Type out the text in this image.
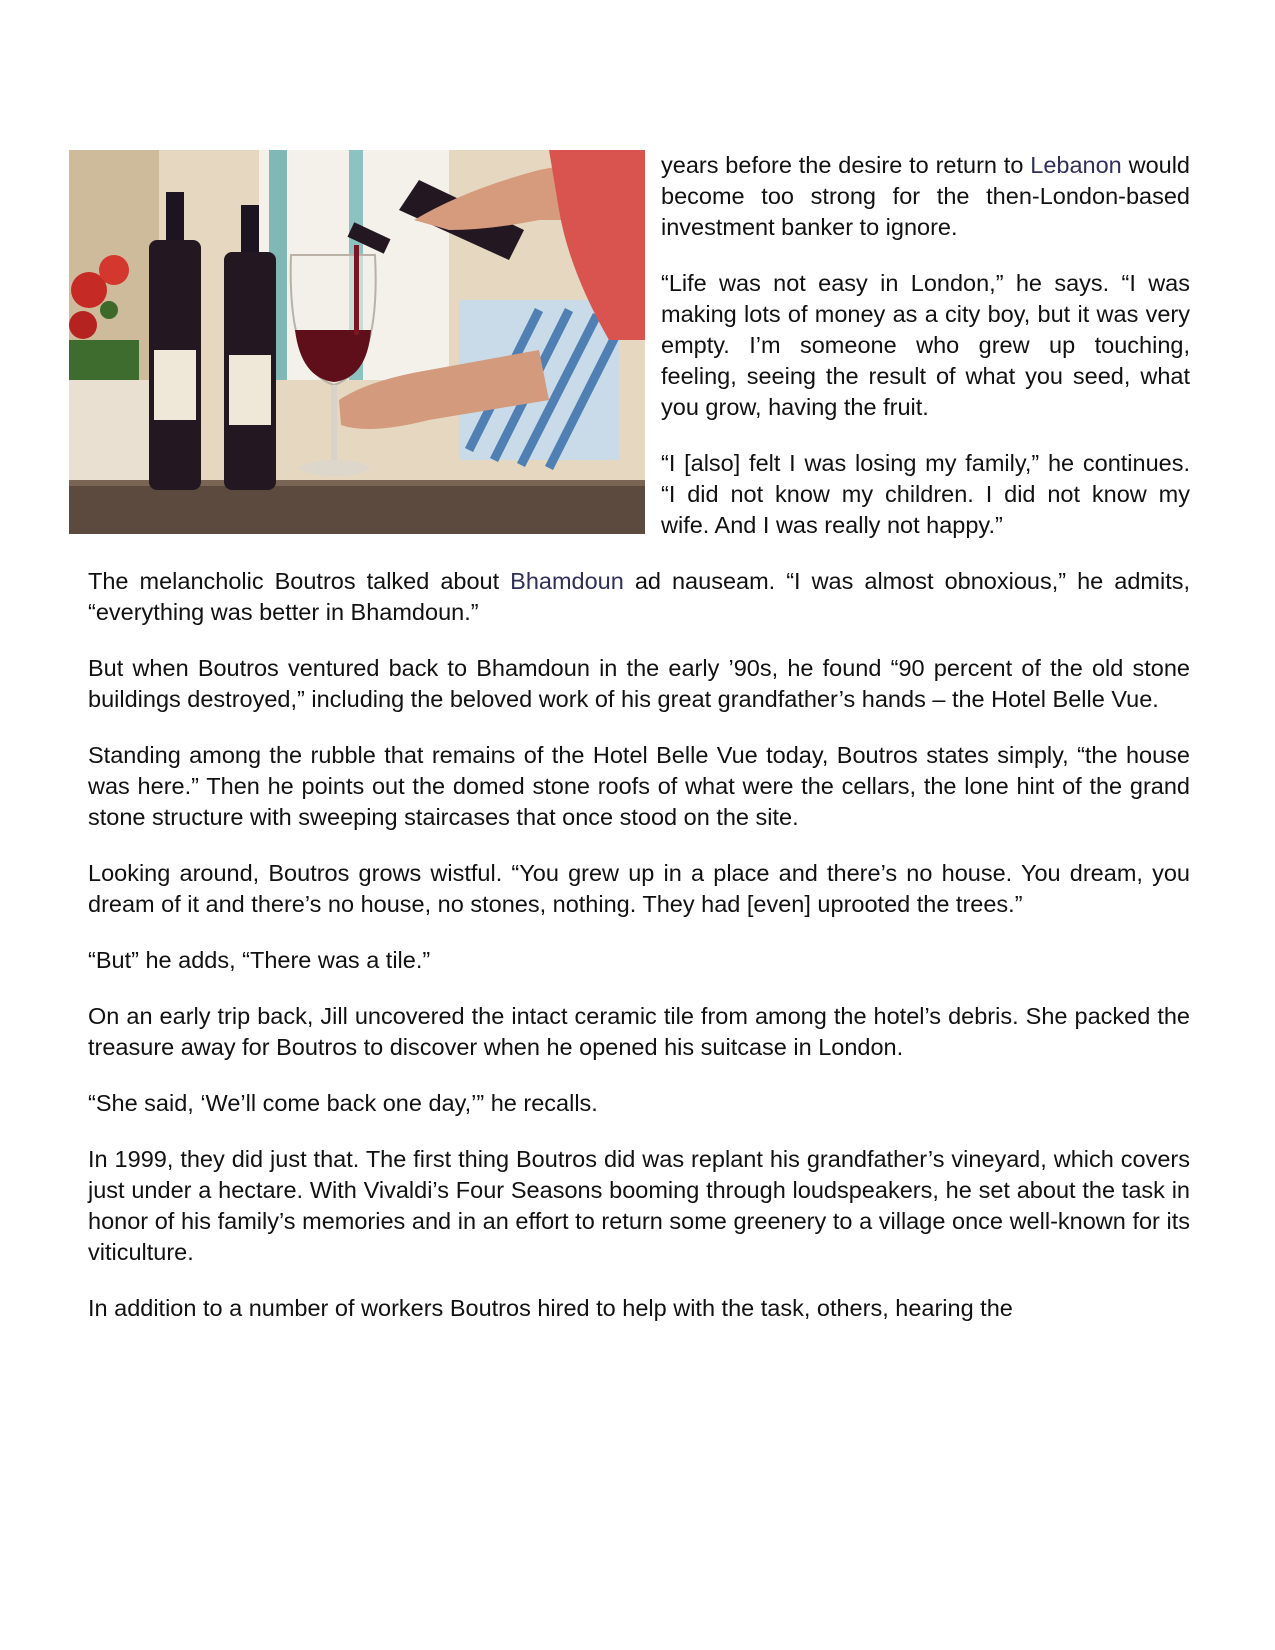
years before the desire to return to Lebanon would become too strong for the then-London-based investment banker to ignore.

“Life was not easy in London,” he says. “I was making lots of money as a city boy, but it was very empty. I’m someone who grew up touching, feeling, seeing the result of what you seed, what you grow, having the fruit.

“I [also] felt I was losing my family,” he continues. “I did not know my children. I did not know my wife. And I was really not happy.”

The melancholic Boutros talked about Bhamdoun ad nauseam. “I was almost obnoxious,” he admits, “everything was better in Bhamdoun.”

But when Boutros ventured back to Bhamdoun in the early ’90s, he found “90 percent of the old stone buildings destroyed,” including the beloved work of his great grandfather’s hands – the Hotel Belle Vue.

Standing among the rubble that remains of the Hotel Belle Vue today, Boutros states simply, “the house was here.” Then he points out the domed stone roofs of what were the cellars, the lone hint of the grand stone structure with sweeping staircases that once stood on the site.

Looking around, Boutros grows wistful. “You grew up in a place and there’s no house. You dream, you dream of it and there’s no house, no stones, nothing. They had [even] uprooted the trees.”

“But” he adds, “There was a tile.”

On an early trip back, Jill uncovered the intact ceramic tile from among the hotel’s debris. She packed the treasure away for Boutros to discover when he opened his suitcase in London.

“She said, ‘We’ll come back one day,’” he recalls.

In 1999, they did just that. The first thing Boutros did was replant his grandfather’s vineyard, which covers just under a hectare. With Vivaldi’s Four Seasons booming through loudspeakers, he set about the task in honor of his family’s memories and in an effort to return some greenery to a village once well-known for its viticulture.

In addition to a number of workers Boutros hired to help with the task, others, hearing the
